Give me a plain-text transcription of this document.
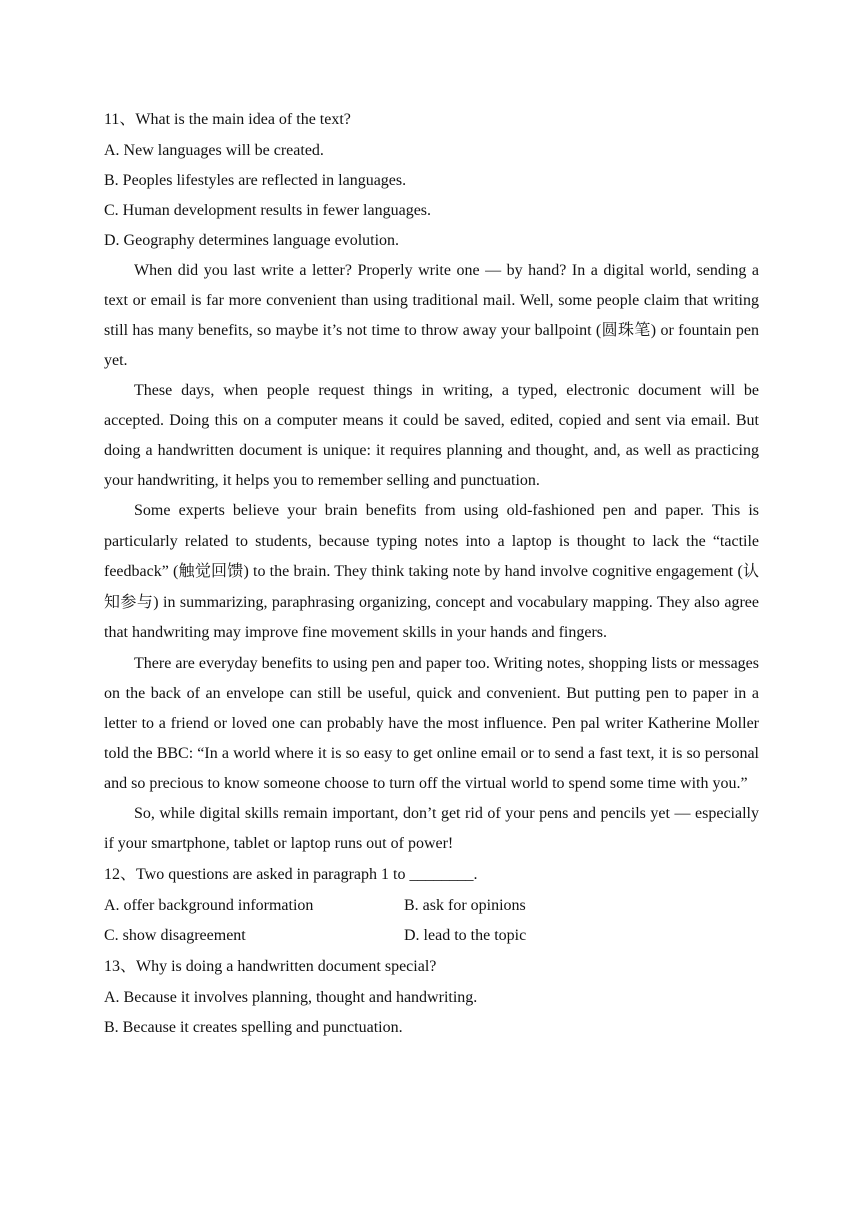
11、What is the main idea of the text?
A. New languages will be created.
B. Peoples lifestyles are reflected in languages.
C. Human development results in fewer languages.
D. Geography determines language evolution.

When did you last write a letter? Properly write one — by hand? In a digital world, sending a text or email is far more convenient than using traditional mail. Well, some people claim that writing still has many benefits, so maybe it’s not time to throw away your ballpoint (圆珠笔) or fountain pen yet.

These days, when people request things in writing, a typed, electronic document will be accepted. Doing this on a computer means it could be saved, edited, copied and sent via email. But doing a handwritten document is unique: it requires planning and thought, and, as well as practicing your handwriting, it helps you to remember selling and punctuation.

Some experts believe your brain benefits from using old-fashioned pen and paper. This is particularly related to students, because typing notes into a laptop is thought to lack the “tactile feedback” (触觉回馈) to the brain. They think taking note by hand involve cognitive engagement (认知参与) in summarizing, paraphrasing organizing, concept and vocabulary mapping. They also agree that handwriting may improve fine movement skills in your hands and fingers.

There are everyday benefits to using pen and paper too. Writing notes, shopping lists or messages on the back of an envelope can still be useful, quick and convenient. But putting pen to paper in a letter to a friend or loved one can probably have the most influence. Pen pal writer Katherine Moller told the BBC: “In a world where it is so easy to get online email or to send a fast text, it is so personal and so precious to know someone choose to turn off the virtual world to spend some time with you.”

So, while digital skills remain important, don’t get rid of your pens and pencils yet — especially if your smartphone, tablet or laptop runs out of power!

12、Two questions are asked in paragraph 1 to ________.
A. offer background information	B. ask for opinions
C. show disagreement	D. lead to the topic
13、Why is doing a handwritten document special?
A. Because it involves planning, thought and handwriting.
B. Because it creates spelling and punctuation.
